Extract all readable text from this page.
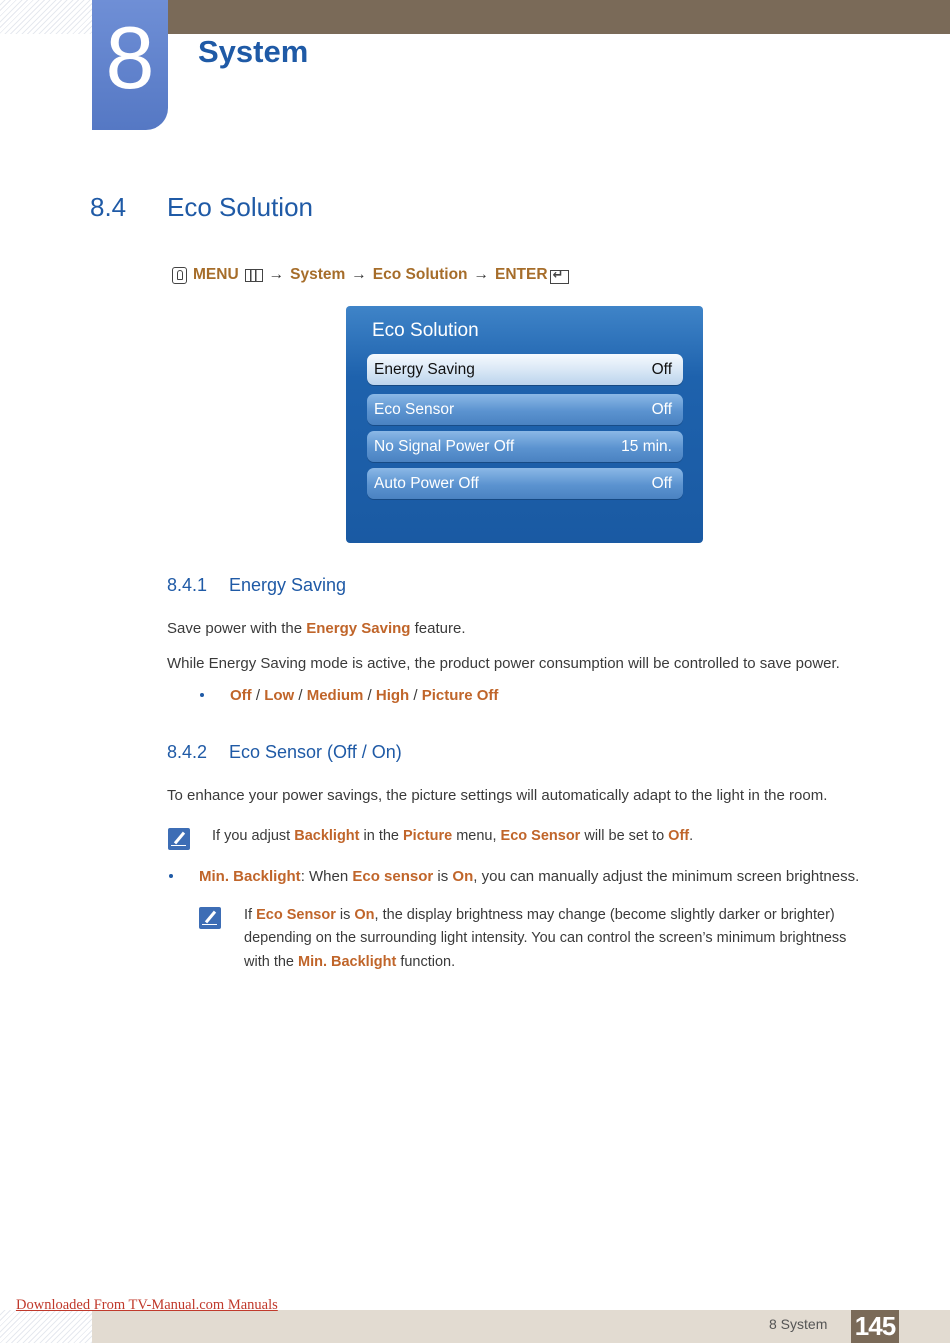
8	System
8.4 Eco Solution
MENU → System → Eco Solution → ENTER
↵
Eco Solution
Energy Saving	Off
Eco Sensor	Off
No Signal Power Off	15 min.
Auto Power Off	Off
8.4.1 Energy Saving
Save power with the Energy Saving feature.
While Energy Saving mode is active, the product power consumption will be controlled to save power.
Off / Low / Medium / High / Picture Off
8.4.2 Eco Sensor (Off / On)
To enhance your power savings, the picture settings will automatically adapt to the light in the room.
If you adjust Backlight in the Picture menu, Eco Sensor will be set to Off.
Min. Backlight: When Eco sensor is On, you can manually adjust the minimum screen brightness.
If Eco Sensor is On, the display brightness may change (become slightly darker or brighter)
depending on the surrounding light intensity. You can control the screen’s minimum brightness
with the Min. Backlight function.
Downloaded From TV-Manual.com Manuals
8 System 145
